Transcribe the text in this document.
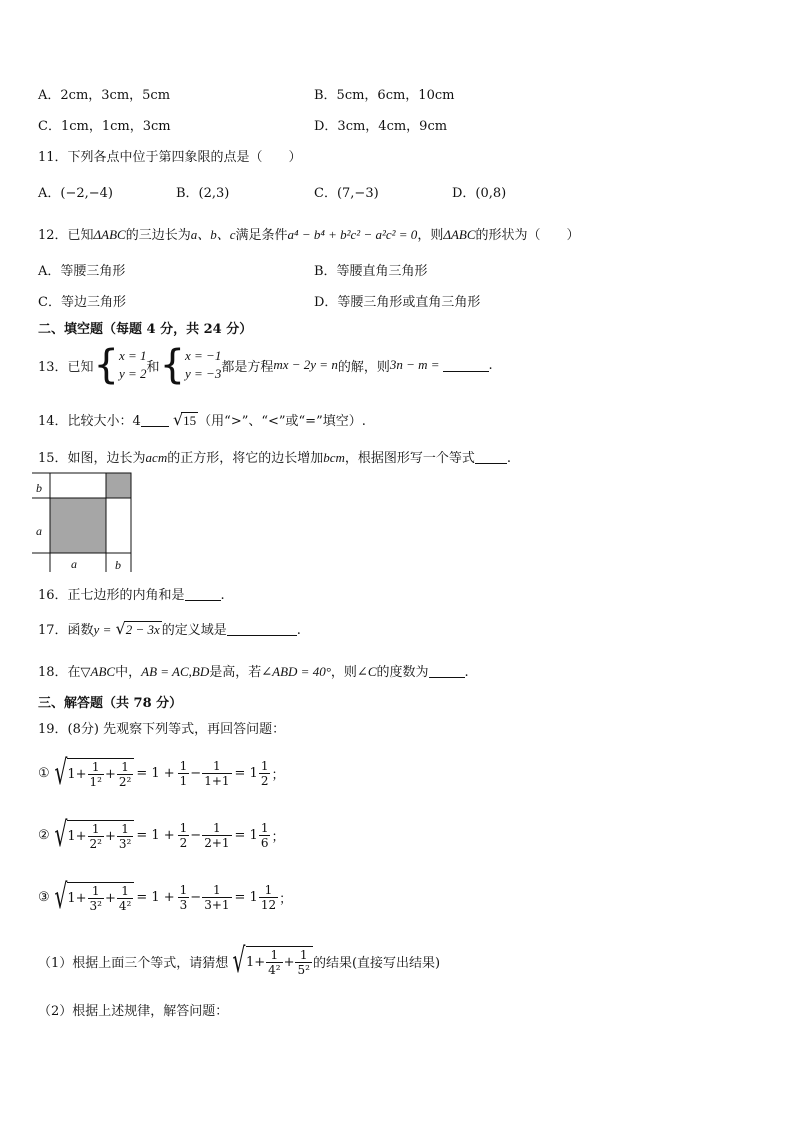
A．2cm，3cm，5cm	B．5cm，6cm，10cm
C．1cm，1cm，3cm	D．3cm，4cm，9cm
11．下列各点中位于第四象限的点是（　　）
A．(−2,−4)	B．(2,3)	C．(7,−3)	D．(0,8)
12．已知ΔABC的三边长为a、b、c满足条件a⁴ − b⁴ + b²c² − a²c² = 0，则ΔABC的形状为（　　）
A．等腰三角形	B．等腰直角三角形
C．等边三角形	D．等腰三角形或直角三角形
二、填空题（每题 4 分，共 24 分）
13．已知 { x = 1
y = 2 和 { x = −1
y = −3 都是方程 mx − 2y = n 的解，则 3n − m =	.
14．比较大小：4 √15 （用“>”、“<”或“=”填空）.
15．如图，边长为acm的正方形，将它的边长增加bcm，根据图形写一个等式 .
b
a
a	b
16．正七边形的内角和是	.
17．函数y = √2 − 3x 的定义域是	.
18．在▽ABC中，AB = AC,BD是高，若∠ABD = 40°，则∠C的度数为	.
三、解答题（共 78 分）
19．(8分) 先观察下列等式，再回答问题：
① √ $1+ \frac{1}{\text{1²}} + \frac{1}{\text{2²}} = 1 + \frac{1}{1} - \frac{1}{1+1} = 1 \frac{1}{2}$ ；
② √ $1+ \frac{1}{\text{2²}} + \frac{1}{\text{3²}} = 1 + \frac{1}{2} - \frac{1}{2+1} = 1 \frac{1}{6}$ ；
③ √ $1+ \frac{1}{\text{3²}} + \frac{1}{\text{4²}} = 1 + \frac{1}{3} - \frac{1}{3+1} = 1 \frac{1}{12}$ ；
（1）根据上面三个等式，请猜想 √ $1+ \frac{1}{\text{4²}} + \frac{1}{\text{5²}}$ 的结果(直接写出结果)
（2）根据上述规律，解答问题：
